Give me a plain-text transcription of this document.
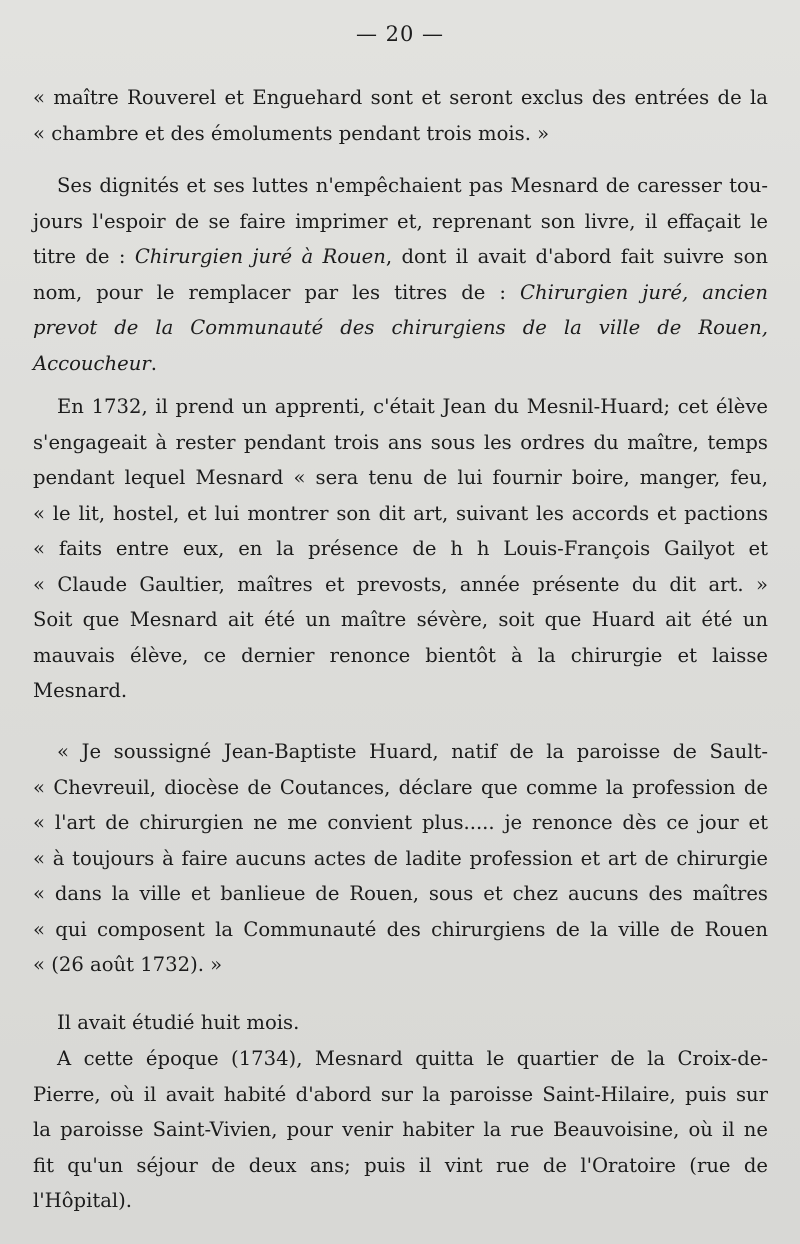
— 20 —
« maître Rouverel et Enguehard sont et seront exclus des entrées de la
« chambre et des émoluments pendant trois mois. »
Ses dignités et ses luttes n'empêchaient pas Mesnard de caresser tou-
jours l'espoir de se faire imprimer et, reprenant son livre, il effaçait le
titre de : Chirurgien juré à Rouen, dont il avait d'abord fait suivre son
nom, pour le remplacer par les titres de : Chirurgien juré, ancien
prevot de la Communauté des chirurgiens de la ville de Rouen,
Accoucheur.
En 1732, il prend un apprenti, c'était Jean du Mesnil-Huard; cet élève
s'engageait à rester pendant trois ans sous les ordres du maître, temps
pendant lequel Mesnard « sera tenu de lui fournir boire, manger, feu,
« le lit, hostel, et lui montrer son dit art, suivant les accords et pactions
« faits entre eux, en la présence de h h Louis-François Gailyot et
« Claude Gaultier, maîtres et prevosts, année présente du dit art. »
Soit que Mesnard ait été un maître sévère, soit que Huard ait été un
mauvais élève, ce dernier renonce bientôt à la chirurgie et laisse
Mesnard.
« Je soussigné Jean-Baptiste Huard, natif de la paroisse de Sault-
« Chevreuil, diocèse de Coutances, déclare que comme la profession de
« l'art de chirurgien ne me convient plus..... je renonce dès ce jour et
« à toujours à faire aucuns actes de ladite profession et art de chirurgie
« dans la ville et banlieue de Rouen, sous et chez aucuns des maîtres
« qui composent la Communauté des chirurgiens de la ville de Rouen
« (26 août 1732). »
Il avait étudié huit mois.
A cette époque (1734), Mesnard quitta le quartier de la Croix-de-
Pierre, où il avait habité d'abord sur la paroisse Saint-Hilaire, puis sur
la paroisse Saint-Vivien, pour venir habiter la rue Beauvoisine, où il ne
fit qu'un séjour de deux ans; puis il vint rue de l'Oratoire (rue de
l'Hôpital).
